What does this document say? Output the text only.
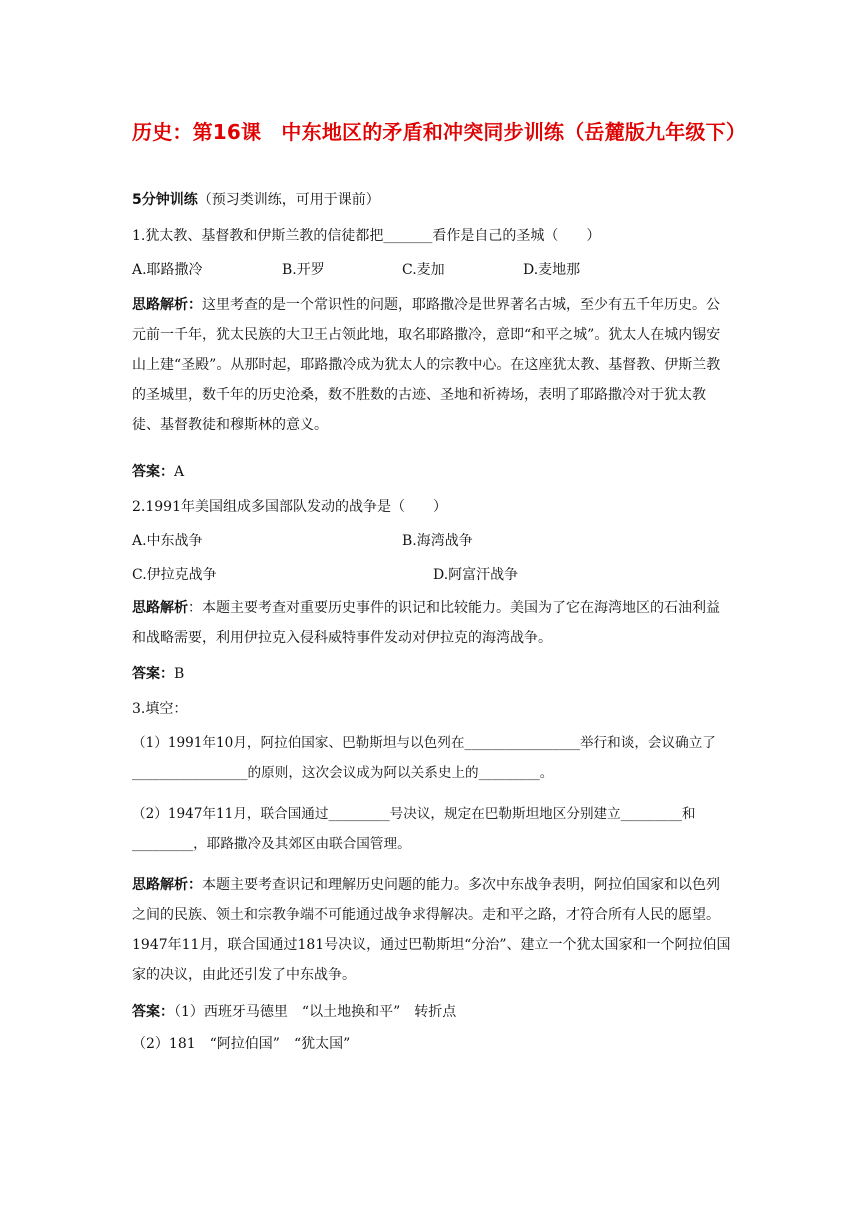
历史：第16课　中东地区的矛盾和冲突同步训练（岳麓版九年级下）
5分钟训练（预习类训练，可用于课前）
1.犹太教、基督教和伊斯兰教的信徒都把_______看作是自己的圣城（　　）
A.耶路撒冷	B.开罗	C.麦加	D.麦地那
思路解析：这里考查的是一个常识性的问题，耶路撒冷是世界著名古城，至少有五千年历史。公元前一千年，犹太民族的大卫王占领此地，取名耶路撒冷，意即“和平之城”。犹太人在城内锡安山上建“圣殿”。从那时起，耶路撒冷成为犹太人的宗教中心。在这座犹太教、基督教、伊斯兰教的圣城里，数千年的历史沧桑，数不胜数的古迹、圣地和祈祷场，表明了耶路撒冷对于犹太教徒、基督教徒和穆斯林的意义。
答案：A
2.1991年美国组成多国部队发动的战争是（　　）
A.中东战争	B.海湾战争
C.伊拉克战争	D.阿富汗战争
思路解析：本题主要考查对重要历史事件的识记和比较能力。美国为了它在海湾地区的石油利益和战略需要，利用伊拉克入侵科威特事件发动对伊拉克的海湾战争。
答案：B
3.填空：
（1）1991年10月，阿拉伯国家、巴勒斯坦与以色列在_________________举行和谈，会议确立了_________________的原则，这次会议成为阿以关系史上的_________。
（2）1947年11月，联合国通过_________号决议，规定在巴勒斯坦地区分别建立_________和_________，耶路撒冷及其郊区由联合国管理。
思路解析：本题主要考查识记和理解历史问题的能力。多次中东战争表明，阿拉伯国家和以色列之间的民族、领土和宗教争端不可能通过战争求得解决。走和平之路，才符合所有人民的愿望。1947年11月，联合国通过181号决议，通过巴勒斯坦“分治”、建立一个犹太国家和一个阿拉伯国家的决议，由此还引发了中东战争。
答案：（1）西班牙马德里　“以土地换和平”　转折点
（2）181　“阿拉伯国”　“犹太国”
